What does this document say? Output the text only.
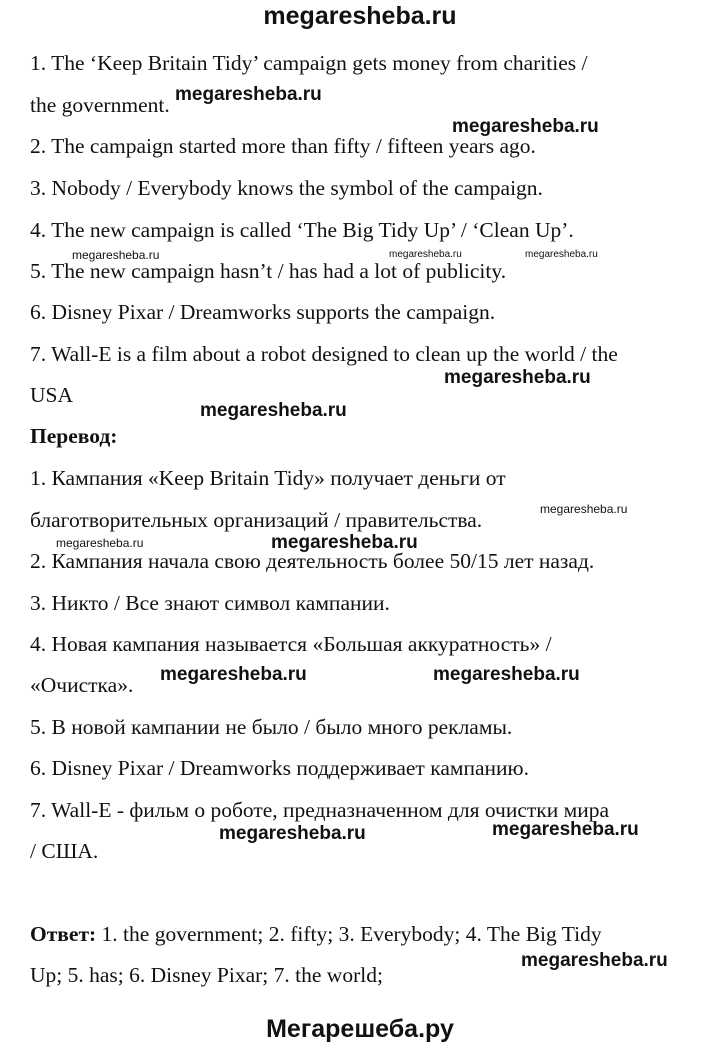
megaresheba.ru
1. The ‘Keep Britain Tidy’ campaign gets money from charities /
the government.
2. The campaign started more than fifty / fifteen years ago.
3. Nobody / Everybody knows the symbol of the campaign.
4. The new campaign is called ‘The Big Tidy Up’ / ‘Clean Up’.
5. The new campaign hasn’t / has had a lot of publicity.
6. Disney Pixar / Dreamworks supports the campaign.
7. Wall-E is a film about a robot designed to clean up the world / the
USA
Перевод:
1. Кампания «Keep Britain Tidy» получает деньги от
благотворительных организаций / правительства.
2. Кампания начала свою деятельность более 50/15 лет назад.
3. Никто / Все знают символ кампании.
4. Новая кампания называется «Большая аккуратность» /
«Очистка».
5. В новой кампании не было / было много рекламы.
6. Disney Pixar / Dreamworks поддерживает кампанию.
7. Wall-E - фильм о роботе, предназначенном для очистки мира
/ США.
Ответ: 1. the government; 2. fifty; 3. Everybody; 4. The Big Tidy
Up; 5. has; 6. Disney Pixar; 7. the world;
megaresheba.ru
megaresheba.ru
megaresheba.ru	megaresheba.ru	megaresheba.ru
megaresheba.ru
megaresheba.ru
megaresheba.ru
megaresheba.ru	megaresheba.ru
megaresheba.ru	megaresheba.ru
megaresheba.ru	megaresheba.ru
megaresheba.ru
Мегарешеба.ру
